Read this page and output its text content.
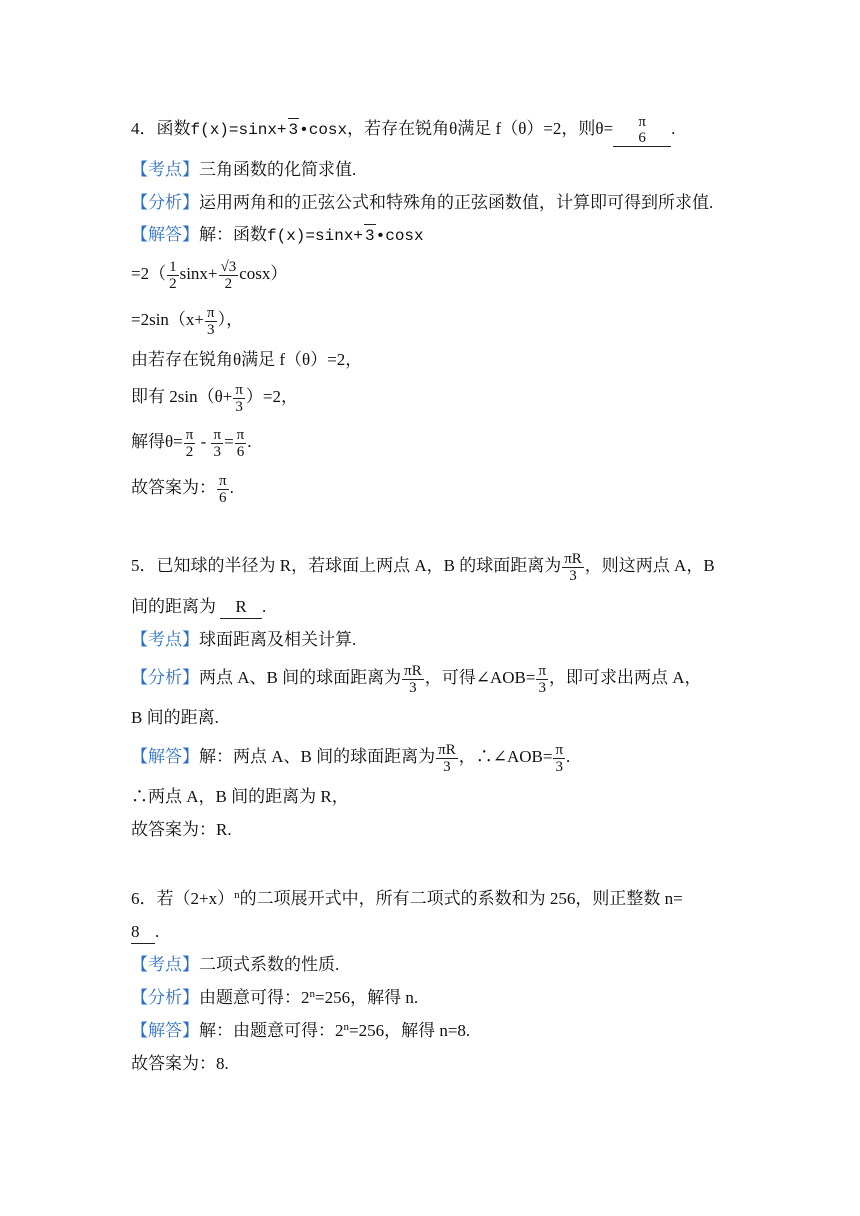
4．函数f(x)=sinx+ 3•cosx，若存在锐角θ满足 f（θ）=2，则θ= π
6
.
【考点】三角函数的化简求值.
【分析】运用两角和的正弦公式和特殊角的正弦函数值，计算即可得到所求值.
【解答】解：函数f(x)=sinx+ 3•cosx
$=2( \frac{1}{2} \sin x+ \frac{√3}{2} \cos x)$
$=2\sin(x+ \frac{\pi}{3}$ ），
由若存在锐角θ满足 f（θ）=2，
即有 $2\sin(\theta+ \frac{\pi}{3} )=2$，
解得$\theta= \frac{\pi}{2} - \frac{\pi}{3} = \frac{\pi}{6}$ .
故答案为： $\frac{\pi}{6}$ .
5．已知球的半径为 R，若球面上两点 A，B 的球面距离为 $\frac{\pi R}{3}$ ，则这两点 A，B
间的距离为 R .
【考点】球面距离及相关计算.
【分析】两点 A、B 间的球面距离为 $\frac{\pi R}{3}$ ，可得∠AOB= $\frac{\pi}{3}$ ，即可求出两点 A，
B 间的距离.
【解答】解：两点 A、B 间的球面距离为 $\frac{\pi R}{3}$ ，∴∠AOB= $\frac{\pi}{3}$ .
∴两点 A，B 间的距离为 R，
故答案为：R.
6．若$(2+x)^n$的二项展开式中，所有二项式的系数和为 256，则正整数 n=
8 .
【考点】二项式系数的性质.
【分析】由题意可得：$2^n=256$，解得 n.
【解答】解：由题意可得：$2^n=256$，解得 n=8.
故答案为：8.
